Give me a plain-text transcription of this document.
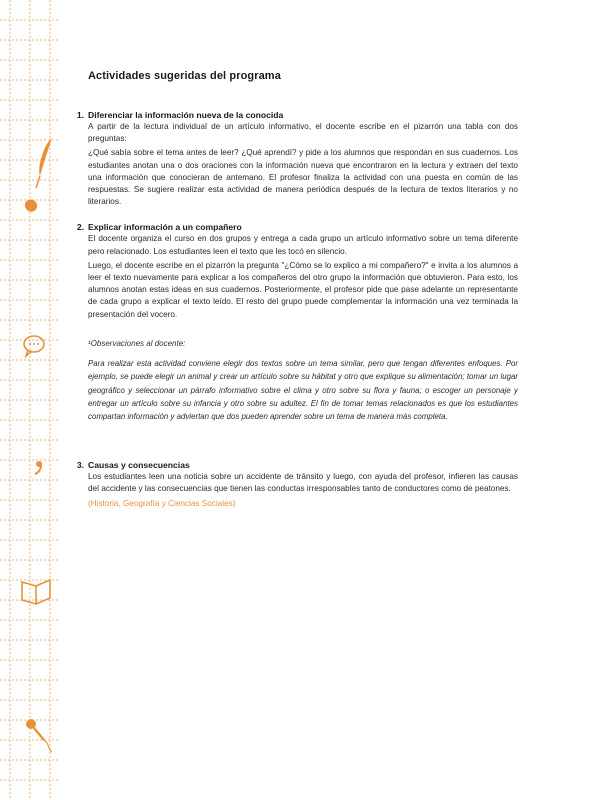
Actividades sugeridas del programa
1. Diferenciar la información nueva de la conocida

A partir de la lectura individual de un artículo informativo, el docente escribe en el pizarrón una tabla con dos preguntas:

¿Qué sabía sobre el tema antes de leer? ¿Qué aprendí? y pide a los alumnos que respondan en sus cuadernos. Los estudiantes anotan una o dos oraciones con la información nueva que encontraron en la lectura y extraen del texto una información que conocieran de antemano. El profesor finaliza la actividad con una puesta en común de las respuestas. Se sugiere realizar esta actividad de manera periódica después de la lectura de textos literarios y no literarios.

2. Explicar información a un compañero

El docente organiza el curso en dos grupos y entrega a cada grupo un artículo informativo sobre un tema diferente pero relacionado. Los estudiantes leen el texto que les tocó en silencio.

Luego, el docente escribe en el pizarrón la pregunta "¿Cómo se lo explico a mi compañero?" e invita a los alumnos a leer el texto nuevamente para explicar a los compañeros del otro grupo la información que obtuvieron. Para esto, los alumnos anotan estas ideas en sus cuadernos. Posteriormente, el profesor pide que pase adelante un representante de cada grupo a explicar el texto leído. El resto del grupo puede complementar la información una vez terminada la presentación del vocero.

¹Observaciones al docente:

Para realizar esta actividad conviene elegir dos textos sobre un tema similar, pero que tengan diferentes enfoques. Por ejemplo, se puede elegir un animal y crear un artículo sobre su hábitat y otro que explique su alimentación; tomar un lugar geográfico y seleccionar un párrafo informativo sobre el clima y otro sobre su flora y fauna; o escoger un personaje y entregar un artículo sobre su infancia y otro sobre su adultez. El fin de tomar temas relacionados es que los estudiantes compartan información y adviertan que dos pueden aprender sobre un tema de manera más completa.

3. Causas y consecuencias

Los estudiantes leen una noticia sobre un accidente de tránsito y luego, con ayuda del profesor, infieren las causas del accidente y las consecuencias que tienen las conductas irresponsables tanto de conductores como de peatones.

(Historia, Geografía y Ciencias Sociales)
